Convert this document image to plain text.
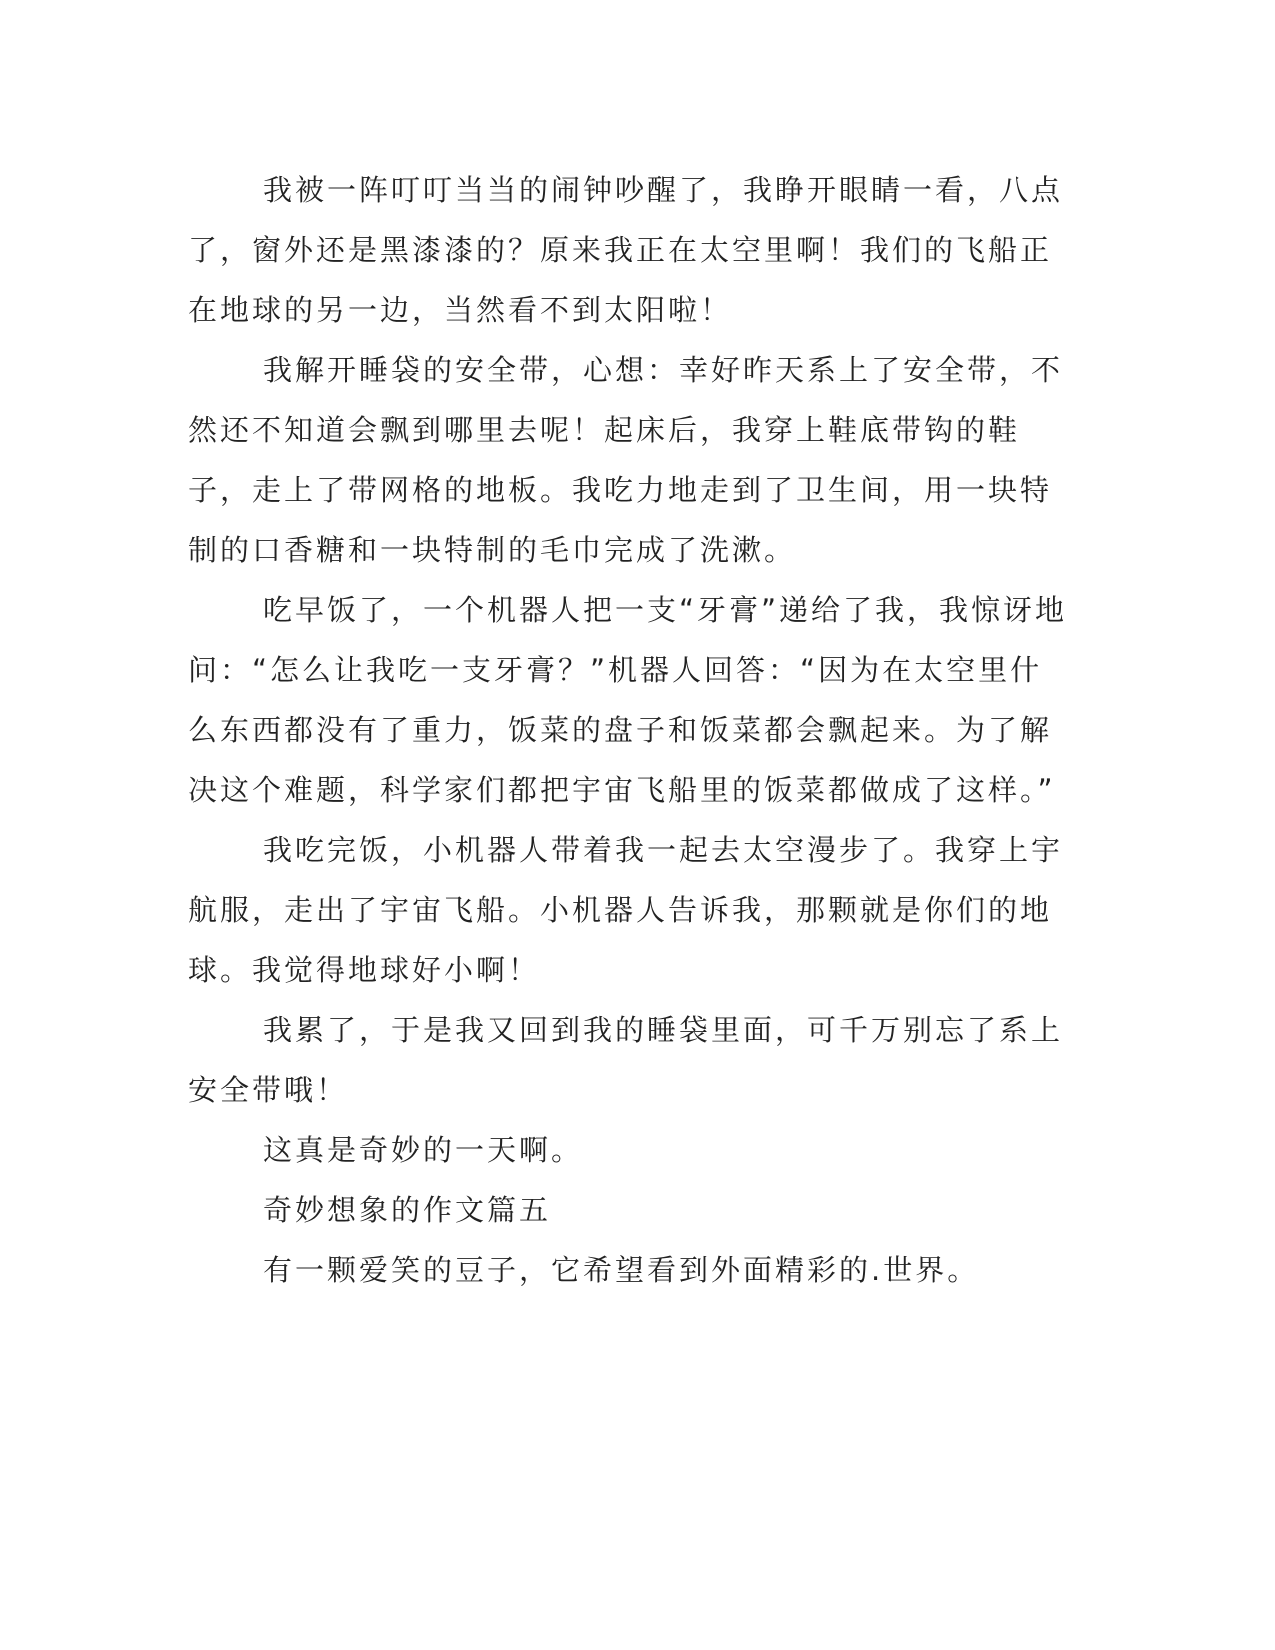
我被一阵叮叮当当的闹钟吵醒了，我睁开眼睛一看，八点了，窗外还是黑漆漆的？原来我正在太空里啊！我们的飞船正在地球的另一边，当然看不到太阳啦！

我解开睡袋的安全带，心想：幸好昨天系上了安全带，不然还不知道会飘到哪里去呢！起床后，我穿上鞋底带钩的鞋子，走上了带网格的地板。我吃力地走到了卫生间，用一块特制的口香糖和一块特制的毛巾完成了洗漱。

吃早饭了，一个机器人把一支“牙膏”递给了我，我惊讶地问：“怎么让我吃一支牙膏？”机器人回答：“因为在太空里什么东西都没有了重力，饭菜的盘子和饭菜都会飘起来。为了解决这个难题，科学家们都把宇宙飞船里的饭菜都做成了这样。”

我吃完饭，小机器人带着我一起去太空漫步了。我穿上宇航服，走出了宇宙飞船。小机器人告诉我，那颗就是你们的地球。我觉得地球好小啊！

我累了，于是我又回到我的睡袋里面，可千万别忘了系上安全带哦！

这真是奇妙的一天啊。

奇妙想象的作文篇五

有一颗爱笑的豆子，它希望看到外面精彩的.世界。
